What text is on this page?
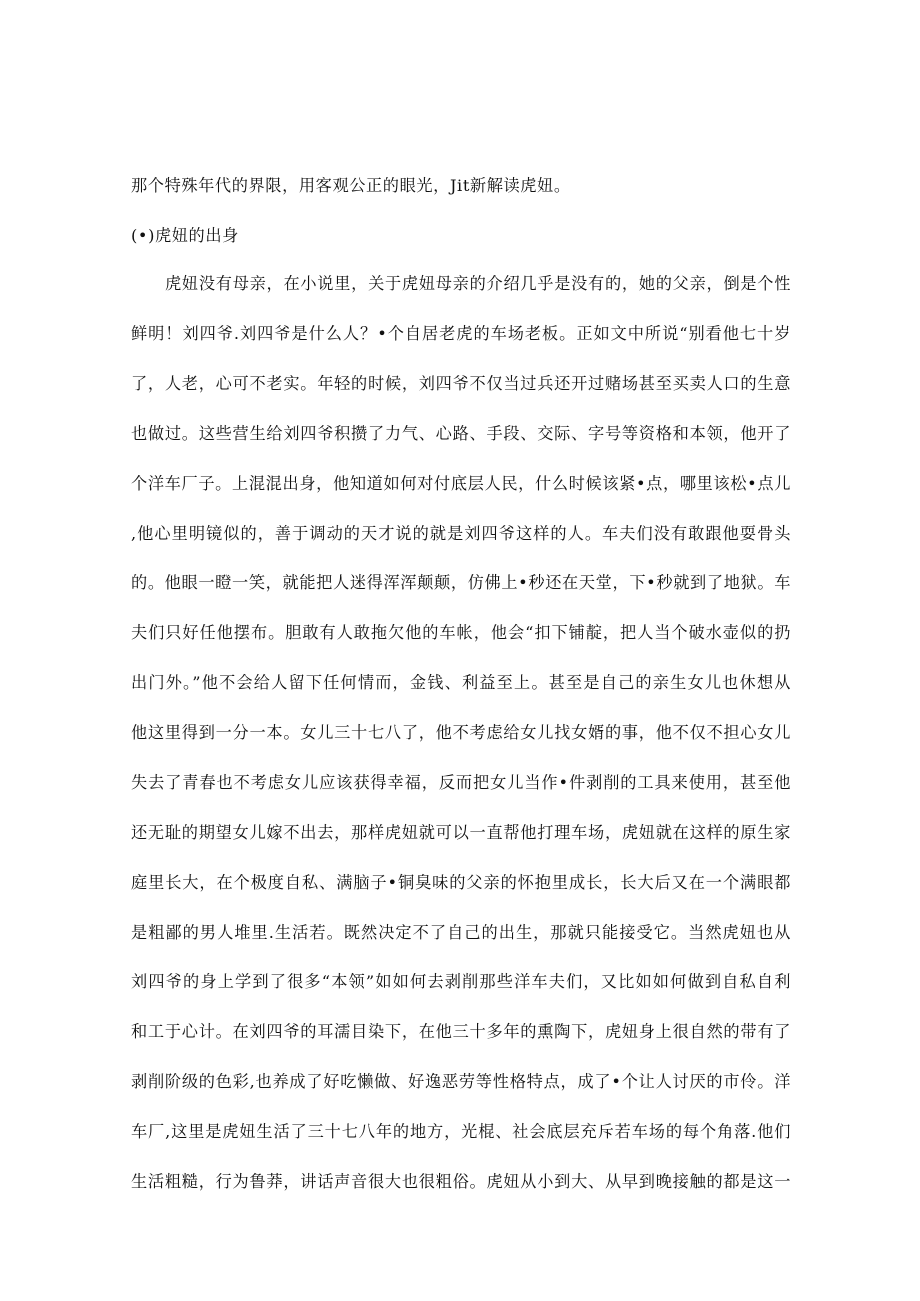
那个特殊年代的界限，用客观公正的眼光，Jit新解读虎妞。
(•)虎妞的出身
虎妞没有母亲，在小说里，关于虎妞母亲的介绍几乎是没有的，她的父亲，倒是个性
鲜明！刘四爷.刘四爷是什么人？•个自居老虎的车场老板。正如文中所说“别看他七十岁
了，人老，心可不老实。年轻的时候，刘四爷不仅当过兵还开过赌场甚至买卖人口的生意
也做过。这些营生给刘四爷积攒了力气、心路、手段、交际、字号等资格和本领，他开了
个洋车厂子。上混混出身，他知道如何对付底层人民，什么时候该紧•点，哪里该松•点儿
,他心里明镜似的，善于调动的天才说的就是刘四爷这样的人。车夫们没有敢跟他耍骨头
的。他眼一瞪一笑，就能把人迷得浑浑颠颠，仿佛上•秒还在天堂，下•秒就到了地狱。车
夫们只好任他摆布。胆敢有人敢拖欠他的车帐，他会“扣下铺靛，把人当个破水壶似的扔
出门外。”他不会给人留下任何情而，金钱、利益至上。甚至是自己的亲生女儿也休想从
他这里得到一分一本。女儿三十七八了，他不考虑给女儿找女婿的事，他不仅不担心女儿
失去了青春也不考虑女儿应该获得幸福，反而把女儿当作•件剥削的工具来使用，甚至他
还无耻的期望女儿嫁不出去，那样虎妞就可以一直帮他打理车场，虎妞就在这样的原生家
庭里长大，在个极度自私、满脑子•铜臭味的父亲的怀抱里成长，长大后又在一个满眼都
是粗鄙的男人堆里.生活若。既然决定不了自己的出生，那就只能接受它。当然虎妞也从
刘四爷的身上学到了很多“本领”如如何去剥削那些洋车夫们，又比如如何做到自私自利
和工于心计。在刘四爷的耳濡目染下，在他三十多年的熏陶下，虎妞身上很自然的带有了
剥削阶级的色彩,也养成了好吃懒做、好逸恶劳等性格特点，成了•个让人讨厌的市伶。洋
车厂,这里是虎妞生活了三十七八年的地方，光棍、社会底层充斥若车场的每个角落.他们
生活粗糙，行为鲁莽，讲话声音很大也很粗俗。虎妞从小到大、从早到晚接触的都是这一
